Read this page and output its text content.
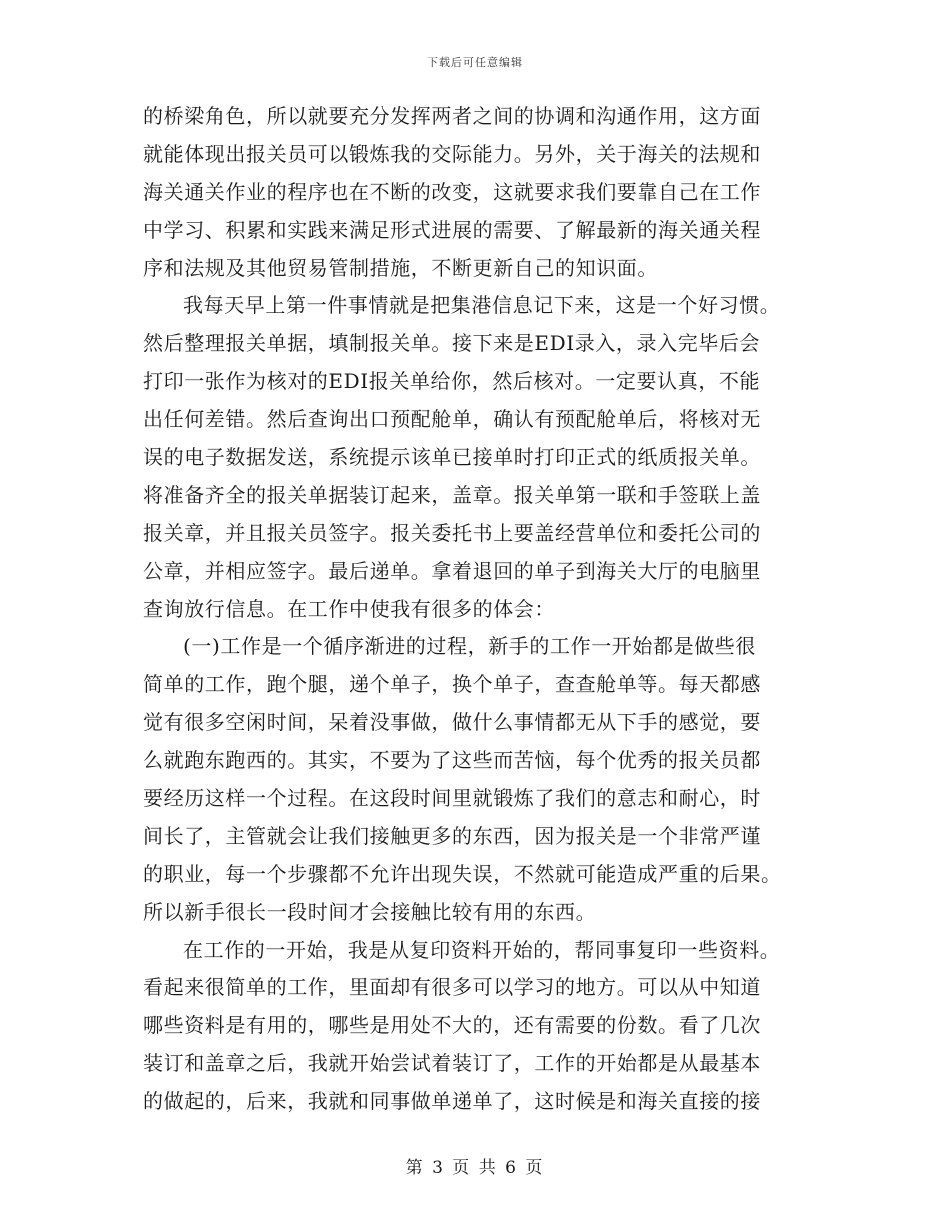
下载后可任意编辑
的桥梁角色，所以就要充分发挥两者之间的协调和沟通作用，这方面
就能体现出报关员可以锻炼我的交际能力。另外，关于海关的法规和
海关通关作业的程序也在不断的改变，这就要求我们要靠自己在工作
中学习、积累和实践来满足形式进展的需要、了解最新的海关通关程
序和法规及其他贸易管制措施，不断更新自己的知识面。
我每天早上第一件事情就是把集港信息记下来，这是一个好习惯。
然后整理报关单据，填制报关单。接下来是EDI录入，录入完毕后会
打印一张作为核对的EDI报关单给你，然后核对。一定要认真，不能
出任何差错。然后查询出口预配舱单，确认有预配舱单后，将核对无
误的电子数据发送，系统提示该单已接单时打印正式的纸质报关单。
将准备齐全的报关单据装订起来，盖章。报关单第一联和手签联上盖
报关章，并且报关员签字。报关委托书上要盖经营单位和委托公司的
公章，并相应签字。最后递单。拿着退回的单子到海关大厅的电脑里
查询放行信息。在工作中使我有很多的体会：
(一)工作是一个循序渐进的过程，新手的工作一开始都是做些很
简单的工作，跑个腿，递个单子，换个单子，查查舱单等。每天都感
觉有很多空闲时间，呆着没事做，做什么事情都无从下手的感觉，要
么就跑东跑西的。其实，不要为了这些而苦恼，每个优秀的报关员都
要经历这样一个过程。在这段时间里就锻炼了我们的意志和耐心，时
间长了，主管就会让我们接触更多的东西，因为报关是一个非常严谨
的职业，每一个步骤都不允许出现失误，不然就可能造成严重的后果。
所以新手很长一段时间才会接触比较有用的东西。
在工作的一开始，我是从复印资料开始的，帮同事复印一些资料。
看起来很简单的工作，里面却有很多可以学习的地方。可以从中知道
哪些资料是有用的，哪些是用处不大的，还有需要的份数。看了几次
装订和盖章之后，我就开始尝试着装订了，工作的开始都是从最基本
的做起的，后来，我就和同事做单递单了，这时候是和海关直接的接
第 3 页 共 6 页
